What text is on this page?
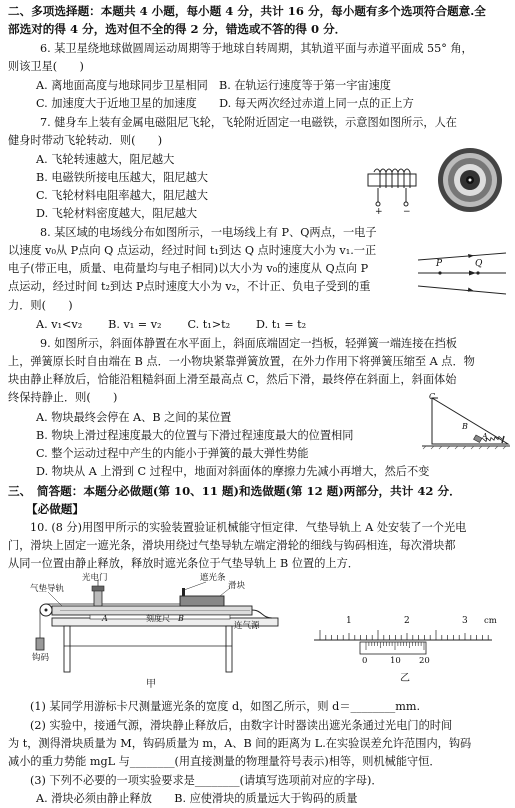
二、多项选择题：本题共 4 小题，每小题 4 分，共计 16 分，每小题有多个选项符合题意.全
部选对的得 4 分，选对但不全的得 2 分，错选或不答的得 0 分．
6. 某卫星绕地球做圆周运动周期等于地球自转周期，其轨道平面与赤道平面成 55° 角，
则该卫星(　　)
A. 离地面高度与地球同步卫星相同　B. 在轨运行速度等于第一宇宙速度
C. 加速度大于近地卫星的加速度　　D. 每天两次经过赤道上同一点的正上方
7. 健身车上装有金属电磁阻尼飞轮，飞轮附近固定一电磁铁，示意图如图所示，人在
健身时带动飞轮转动．则(　　)
A. 飞轮转速越大，阻尼越大
B. 电磁铁所接电压越大，阻尼越大
C. 飞轮材料电阻率越大，阻尼越大
D. 飞轮材料密度越大，阻尼越大	+ −
8. 某区域的电场线分布如图所示，一电场线上有 P、Q两点，一电子
以速度 v₀从 P点向 Q 点运动，经过时间 t₁到达 Q 点时速度大小为 v₁.一正
电子(带正电，质量、电荷量均与电子相同)以大小为 v₀的速度从 Q点向 P
点运动，经过时间 t₂到达 P点时速度大小为 v₂，不计正、负电子受到的重
力．则(　　)
A. v₁<v₂　　 B. v₁ = v₂　　 C. t₁>t₂　　 D. t₁ = t₂
P	Q
9. 如图所示，斜面体静置在水平面上，斜面底端固定一挡板，轻弹簧一端连接在挡板
上，弹簧原长时自由端在 B 点．一小物块紧靠弹簧放置，在外力作用下将弹簧压缩至 A 点．物
块由静止释放后，恰能沿粗糙斜面上滑至最高点 C，然后下滑，最终停在斜面上，斜面体始
终保持静止．则(　　)
A. 物块最终会停在 A、B 之间的某位置
B. 物块上滑过程速度最大的位置与下滑过程速度最大的位置相同
C. 整个运动过程中产生的内能小于弹簧的最大弹性势能
D. 物块从 A 上滑到 C 过程中，地面对斜面体的摩擦力先减小再增大，然后不变
C
B
A
三、　简答题：本题分必做题(第 10、11 题)和选做题(第 12 题)两部分，共计 42 分．
【必做题】
10. (8 分)用图甲所示的实验装置验证机械能守恒定律．气垫导轨上 A 处安装了一个光电
门，滑块上固定一遮光条，滑块用绕过气垫导轨左端定滑轮的细线与钩码相连，每次滑块都
从同一位置由静止释放，释放时遮光条位于气垫导轨上 B 位置的上方．
光电门
气垫导轨
遮光条
滑块
刻度尺
连气源
钩码
A	B
甲
1	2	3 cm
0	10 20
乙
(1) 某同学用游标卡尺测量遮光条的宽度 d，如图乙所示，则 d＝________mm.
(2) 实验中，接通气源，滑块静止释放后，由数字计时器读出遮光条通过光电门的时间
为 t，测得滑块质量为 M，钩码质量为 m，A、B 间的距离为 L.在实验误差允许范围内，钩码
减小的重力势能 mgL 与________(用直接测量的物理量符号表示)相等，则机械能守恒．
(3) 下列不必要的一项实验要求是________(请填写选项前对应的字母)．
A. 滑块必须由静止释放　　B. 应使滑块的质量远大于钩码的质量
